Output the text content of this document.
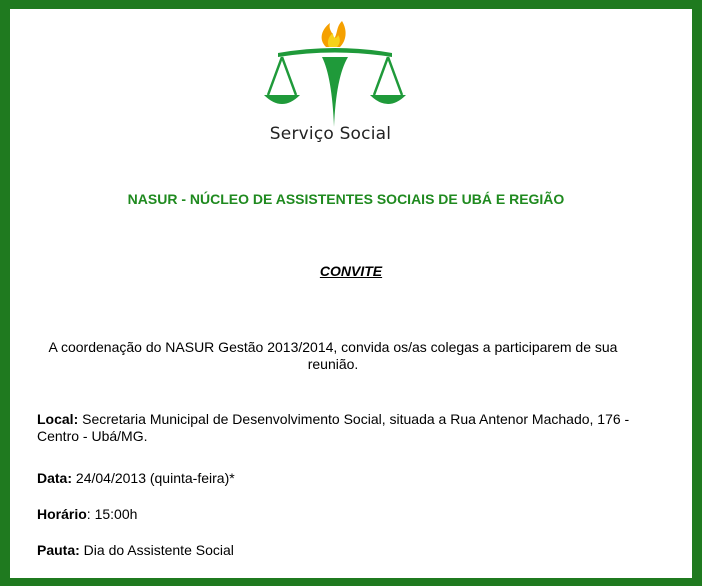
Serviço Social
NASUR - NÚCLEO DE ASSISTENTES SOCIAIS DE UBÁ E REGIÃO
CONVITE
A coordenação do NASUR Gestão 2013/2014, convida os/as colegas a participarem de sua reunião.
Local: Secretaria Municipal de Desenvolvimento Social, situada a Rua Antenor Machado, 176 - Centro - Ubá/MG.
Data: 24/04/2013 (quinta-feira)*
Horário: 15:00h
Pauta: Dia do Assistente Social
